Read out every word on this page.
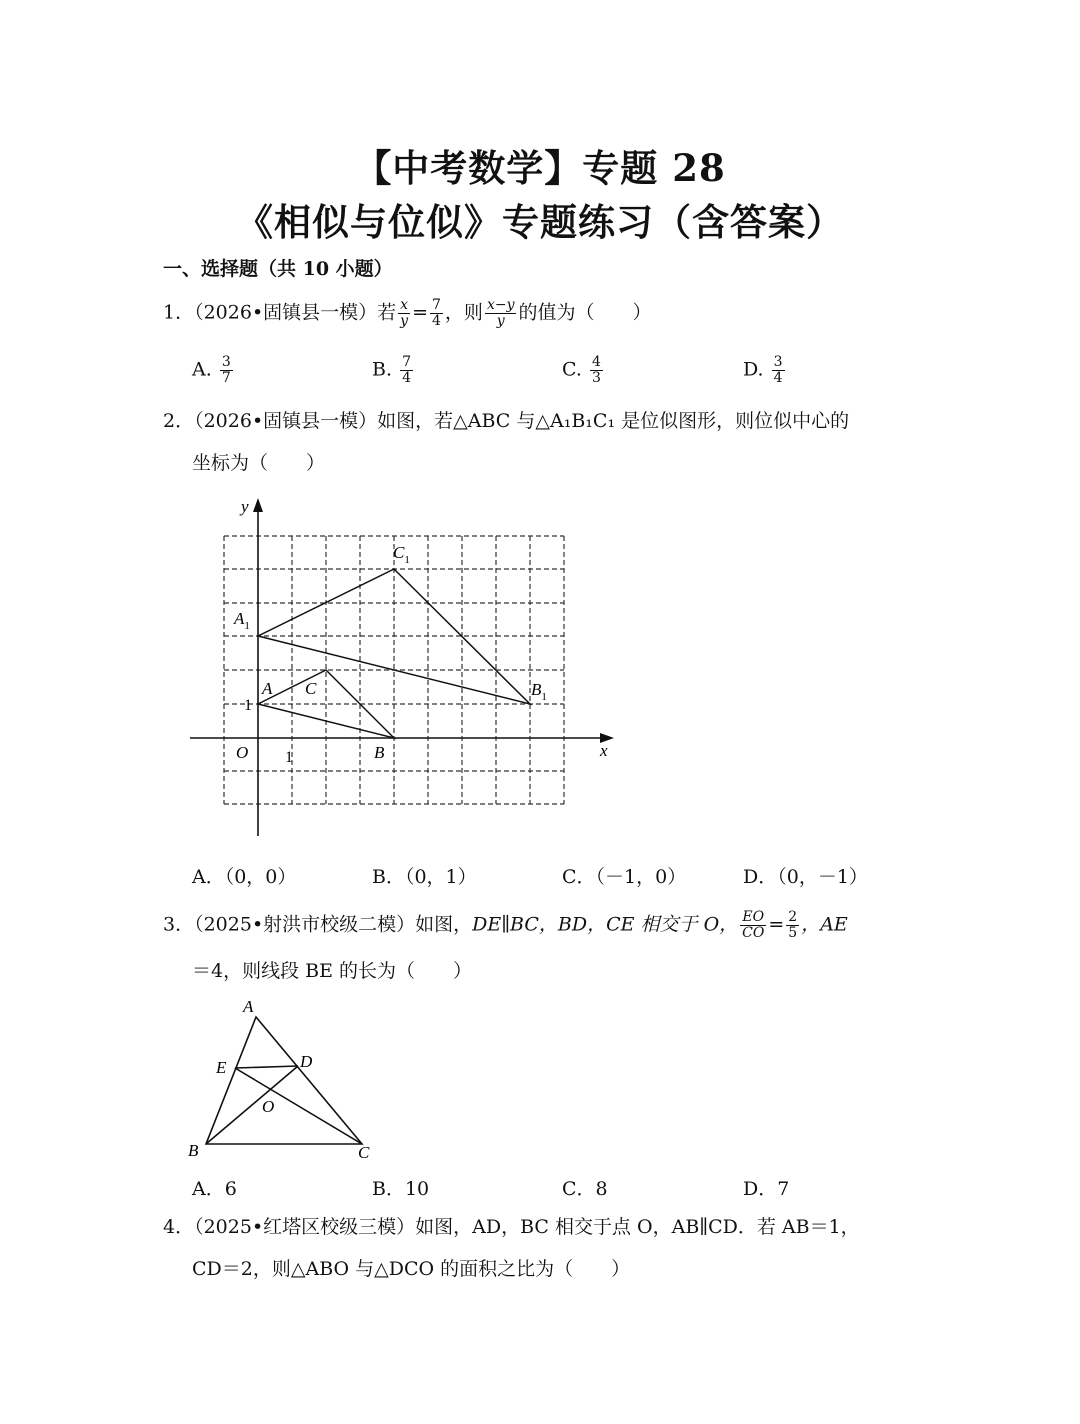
【中考数学】专题 28
《相似与位似》专题练习（含答案）
一、选择题（共 10 小题）
1．（2026•固镇县一模）若 $\frac{x}{y} = \frac{7}{4}$ ，则 $\frac{x-y}{y}$ 的值为（　　）
A. $\frac{3}{7}$	B. $\frac{7}{4}$	C. $\frac{4}{3}$	D. $\frac{3}{4}$
2．（2026•固镇县一模）如图，若△ABC 与△A₁B₁C₁ 是位似图形，则位似中心的
坐标为（　　）
y
x
O 1
1
A C
B
$A_1$
$C_1$
$B_1$
A．（0，0）	B．（0，1）	C．（－1，0）	D．（0，－1）
3．（2025•射洪市校级二模）如图，DE∥BC，BD，CE 相交于 O， $\frac{EO}{CO} = \frac{2}{5}$ ，AE
＝4，则线段 BE 的长为（　　）
A
B	C
D
E
O
A．6	B．10	C．8	D．7
4．（2025•红塔区校级三模）如图，AD，BC 相交于点 O，AB∥CD．若 AB＝1，
CD＝2，则△ABO 与△DCO 的面积之比为（　　）
